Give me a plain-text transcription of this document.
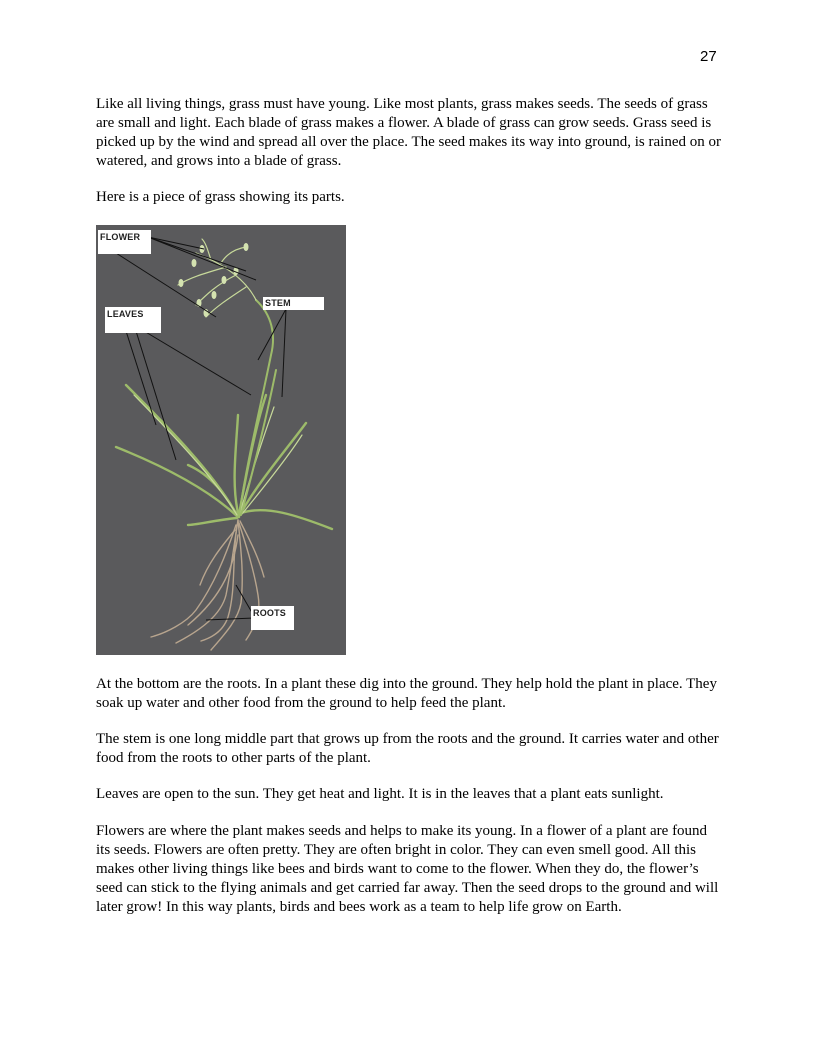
27

Like all living things, grass must have young. Like most plants, grass makes seeds. The seeds of grass are small and light. Each blade of grass makes a flower. A blade of grass can grow seeds. Grass seed is picked up by the wind and spread all over the place. The seed makes its way into ground, is rained on or watered, and grows into a blade of grass.

Here is a piece of grass showing its parts.

FLOWER
STEM
LEAVES
ROOTS

At the bottom are the roots. In a plant these dig into the ground. They help hold the plant in place. They soak up water and other food from the ground to help feed the plant.

The stem is one long middle part that grows up from the roots and the ground. It carries water and other food from the roots to other parts of the plant.

Leaves are open to the sun. They get heat and light. It is in the leaves that a plant eats sunlight.

Flowers are where the plant makes seeds and helps to make its young. In a flower of a plant are found its seeds. Flowers are often pretty. They are often bright in color. They can even smell good. All this makes other living things like bees and birds want to come to the flower. When they do, the flower’s seed can stick to the flying animals and get carried far away. Then the seed drops to the ground and will later grow! In this way plants, birds and bees work as a team to help life grow on Earth.
